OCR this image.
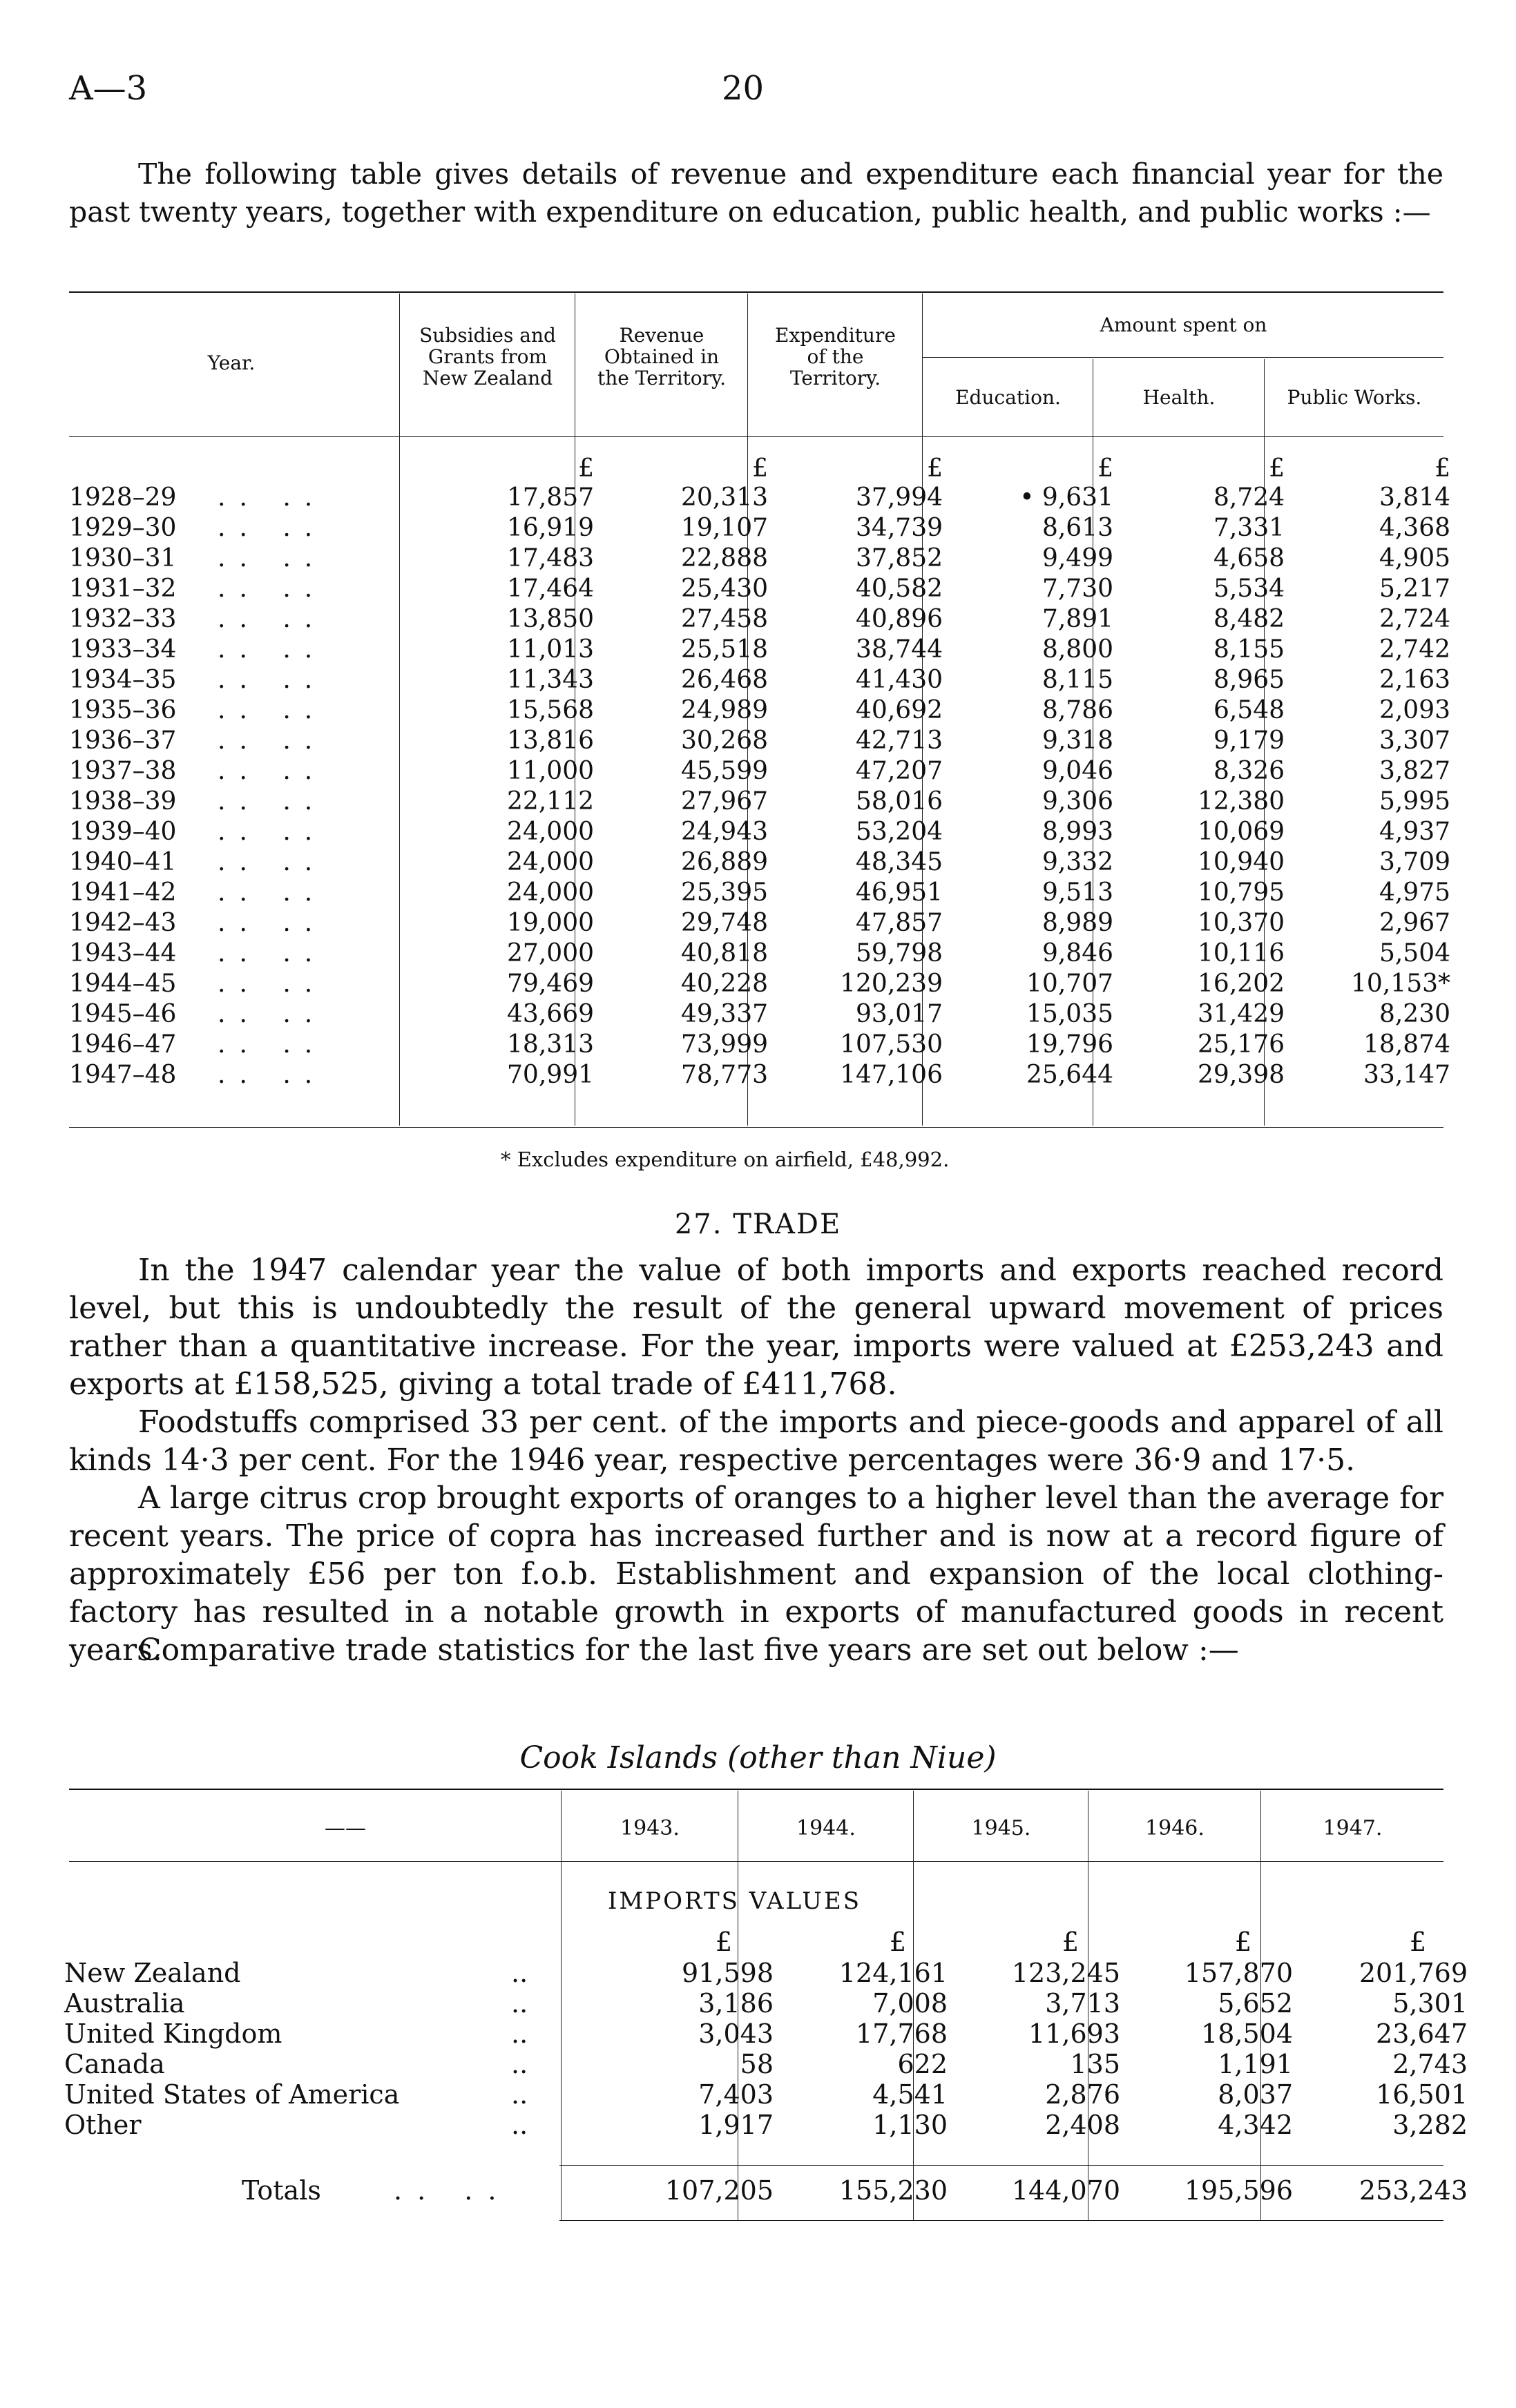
A—3	20

The following table gives details of revenue and expenditure each financial year for the past twenty years, together with expenditure on education, public health, and public works :—

Year.
Subsidies and
Grants from
New Zealand
Revenue
Obtained in
the Territory.
Expenditure
of the
Territory.
Amount spent on
Education.	Health.	Public Works.
£	£	£	£	£	£
1928–29 .. ..	17,857	20,313	37,994	• 9,631	8,724	3,814
1929–30 .. ..	16,919	19,107	34,739	8,613	7,331	4,368
1930–31 .. ..	17,483	22,888	37,852	9,499	4,658	4,905
1931–32 .. ..	17,464	25,430	40,582	7,730	5,534	5,217
1932–33 .. ..	13,850	27,458	40,896	7,891	8,482	2,724
1933–34 .. ..	11,013	25,518	38,744	8,800	8,155	2,742
1934–35 .. ..	11,343	26,468	41,430	8,115	8,965	2,163
1935–36 .. ..	15,568	24,989	40,692	8,786	6,548	2,093
1936–37 .. ..	13,816	30,268	42,713	9,318	9,179	3,307
1937–38 .. ..	11,000	45,599	47,207	9,046	8,326	3,827
1938–39 .. ..	22,112	27,967	58,016	9,306	12,380	5,995
1939–40 .. ..	24,000	24,943	53,204	8,993	10,069	4,937
1940–41 .. ..	24,000	26,889	48,345	9,332	10,940	3,709
1941–42 .. ..	24,000	25,395	46,951	9,513	10,795	4,975
1942–43 .. ..	19,000	29,748	47,857	8,989	10,370	2,967
1943–44 .. ..	27,000	40,818	59,798	9,846	10,116	5,504
1944–45 .. ..	79,469	40,228	120,239	10,707	16,202	10,153*
1945–46 .. ..	43,669	49,337	93,017	15,035	31,429	8,230
1946–47 .. ..	18,313	73,999	107,530	19,796	25,176	18,874
1947–48 .. ..	70,991	78,773	147,106	25,644	29,398	33,147
* Excludes expenditure on airfield, £48,992.
27. TRADE

In the 1947 calendar year the value of both imports and exports reached record level, but this is undoubtedly the result of the general upward movement of prices rather than a quantitative increase. For the year, imports were valued at £253,243 and exports at £158,525, giving a total trade of £411,768.

Foodstuffs comprised 33 per cent. of the imports and piece-goods and apparel of all kinds 14·3 per cent. For the 1946 year, respective percentages were 36·9 and 17·5.

A large citrus crop brought exports of oranges to a higher level than the average for recent years. The price of copra has increased further and is now at a record figure of approximately £56 per ton f.o.b. Establishment and expansion of the local clothing-factory has resulted in a notable growth in exports of manufactured goods in recent years.

Comparative trade statistics for the last five years are set out below :—

Cook Islands (other than Niue)
——	1943.	1944.	1945.	1946.	1947.
IMPORTS VALUES
£	£	£	£	£
New Zealand	..	91,598	124,161	123,245	157,870	201,769
Australia	..	3,186	7,008	3,713	5,652	5,301
United Kingdom	..	3,043	17,768	11,693	18,504	23,647
Canada	..	58	622	135	1,191	2,743
United States of America	..	7,403	4,541	2,876	8,037	16,501
Other	..	1,917	1,130	2,408	4,342	3,282
Totals	.. ..	107,205	155,230	144,070	195,596	253,243
